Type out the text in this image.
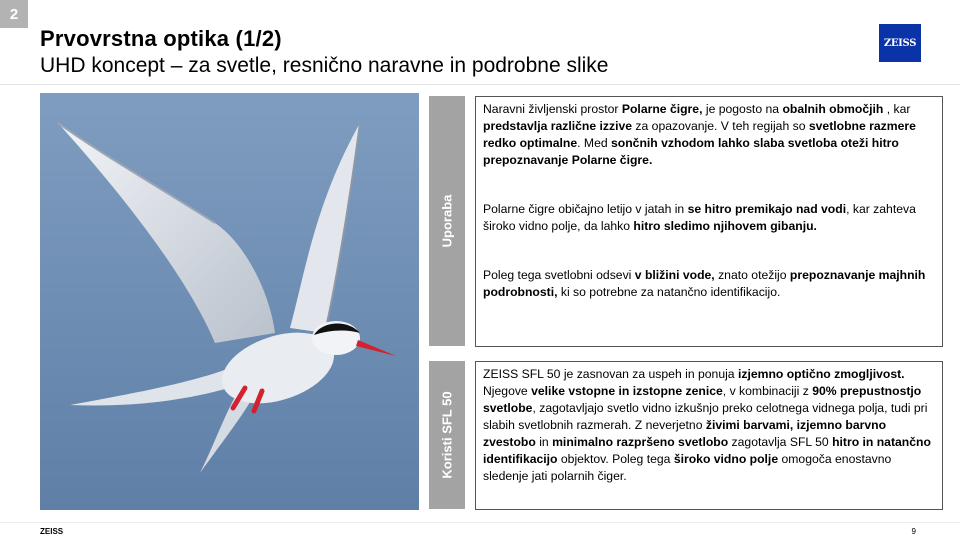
2
Prvovrstna optika (1/2)
UHD koncept – za svetle, resnično naravne in podrobne slike
ZEISS
Uporaba

Naravni življenski prostor Polarne čigre, je pogosto na obalnih območjih , kar predstavlja različne izzive za opazovanje. V teh regijah so svetlobne razmere redko optimalne. Med sončnih vzhodom lahko slaba svetloba oteži hitro prepoznavanje Polarne čigre.

Polarne čigre običajno letijo v jatah in se hitro premikajo nad vodi, kar zahteva široko vidno polje, da lahko hitro sledimo njihovem gibanju.

Poleg tega svetlobni odsevi v bližini vode, znato otežijo prepoznavanje majhnih podrobnosti, ki so potrebne za natančno identifikacijo.

Koristi SFL 50

ZEISS SFL 50 je zasnovan za uspeh in ponuja izjemno optično zmogljivost. Njegove velike vstopne in izstopne zenice, v kombinaciji z 90% prepustnostjo svetlobe, zagotavljajo svetlo vidno izkušnjo preko celotnega vidnega polja, tudi pri slabih svetlobnih razmerah. Z neverjetno živimi barvami, izjemno barvno zvestobo in minimalno razpršeno svetlobo zagotavlja SFL 50 hitro in natančno identifikacijo objektov. Poleg tega široko vidno polje omogoča enostavno sledenje jati polarnih čiger.

ZEISS	9
